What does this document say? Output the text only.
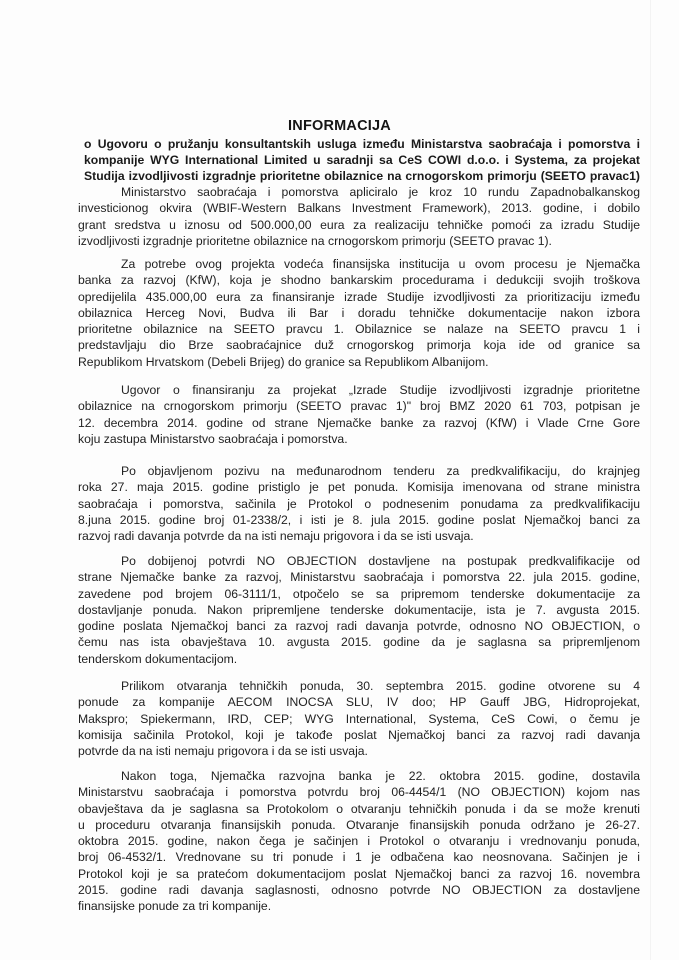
INFORMACIJA
o Ugovoru o pružanju konsultantskih usluga između Ministarstva saobraćaja i pomorstva i
kompanije WYG International Limited u saradnji sa CeS COWI d.o.o. i Systema, za projekat
Studija izvodljivosti izgradnje prioritetne obilaznice na crnogorskom primorju (SEETO pravac1)
Ministarstvo saobraćaja i pomorstva apliciralo je kroz 10 rundu Zapadnobalkanskog
investicionog okvira (WBIF-Western Balkans Investment Framework), 2013. godine, i dobilo
grant sredstva u iznosu od 500.000,00 eura za realizaciju tehničke pomoći za izradu Studije
izvodljivosti izgradnje prioritetne obilaznice na crnogorskom primorju (SEETO pravac 1).
Za potrebe ovog projekta vodeća finansijska institucija u ovom procesu je Njemačka
banka za razvoj (KfW), koja je shodno bankarskim procedurama i dedukciji svojih troškova
opredijelila 435.000,00 eura za finansiranje izrade Studije izvodljivosti za prioritizaciju između
obilaznica Herceg Novi, Budva ili Bar i doradu tehničke dokumentacije nakon izbora
prioritetne obilaznice na SEETO pravcu 1. Obilaznice se nalaze na SEETO pravcu 1 i
predstavljaju dio Brze saobraćajnice duž crnogorskog primorja koja ide od granice sa
Republikom Hrvatskom (Debeli Brijeg) do granice sa Republikom Albanijom.
Ugovor o finansiranju za projekat „Izrade Studije izvodljivosti izgradnje prioritetne
obilaznice na crnogorskom primorju (SEETO pravac 1)" broj BMZ 2020 61 703, potpisan je
12. decembra 2014. godine od strane Njemačke banke za razvoj (KfW) i Vlade Crne Gore
koju zastupa Ministarstvo saobraćaja i pomorstva.
Po objavljenom pozivu na međunarodnom tenderu za predkvalifikaciju, do krajnjeg
roka 27. maja 2015. godine pristiglo je pet ponuda. Komisija imenovana od strane ministra
saobraćaja i pomorstva, sačinila je Protokol o podnesenim ponudama za predkvalifikaciju
8.juna 2015. godine broj 01-2338/2, i isti je 8. jula 2015. godine poslat Njemačkoj banci za
razvoj radi davanja potvrde da na isti nemaju prigovora i da se isti usvaja.
Po dobijenoj potvrdi NO OBJECTION dostavljene na postupak predkvalifikacije od
strane Njemačke banke za razvoj, Ministarstvu saobraćaja i pomorstva 22. jula 2015. godine,
zavedene pod brojem 06-3111/1, otpočelo se sa pripremom tenderske dokumentacije za
dostavljanje ponuda. Nakon pripremljene tenderske dokumentacije, ista je 7. avgusta 2015.
godine poslata Njemačkoj banci za razvoj radi davanja potvrde, odnosno NO OBJECTION, o
čemu nas ista obavještava 10. avgusta 2015. godine da je saglasna sa pripremljenom
tenderskom dokumentacijom.
Prilikom otvaranja tehničkih ponuda, 30. septembra 2015. godine otvorene su 4
ponude za kompanije AECOM INOCSA SLU, IV doo; HP Gauff JBG, Hidroprojekat,
Makspro; Spiekermann, IRD, CEP; WYG International, Systema, CeS Cowi, o čemu je
komisija sačinila Protokol, koji je takođe poslat Njemačkoj banci za razvoj radi davanja
potvrde da na isti nemaju prigovora i da se isti usvaja.
Nakon toga, Njemačka razvojna banka je 22. oktobra 2015. godine, dostavila
Ministarstvu saobraćaja i pomorstva potvrdu broj 06-4454/1 (NO OBJECTION) kojom nas
obavještava da je saglasna sa Protokolom o otvaranju tehničkih ponuda i da se može krenuti
u proceduru otvaranja finansijskih ponuda. Otvaranje finansijskih ponuda održano je 26-27.
oktobra 2015. godine, nakon čega je sačinjen i Protokol o otvaranju i vrednovanju ponuda,
broj 06-4532/1. Vrednovane su tri ponude i 1 je odbačena kao neosnovana. Sačinjen je i
Protokol koji je sa pratećom dokumentacijom poslat Njemačkoj banci za razvoj 16. novembra
2015. godine radi davanja saglasnosti, odnosno potvrde NO OBJECTION za dostavljene
finansijske ponude za tri kompanije.
